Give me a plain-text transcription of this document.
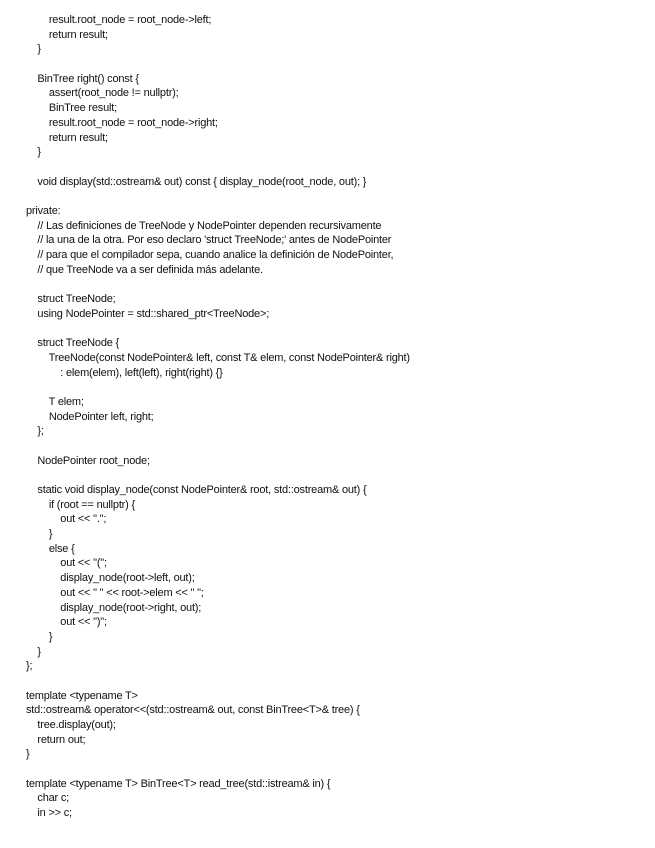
result.root_node = root_node->left;
return result;
}
BinTree right() const {
assert(root_node != nullptr);
BinTree result;
result.root_node = root_node->right;
return result;
}
void display(std::ostream& out) const { display_node(root_node, out); }
private:
// Las definiciones de TreeNode y NodePointer dependen recursivamente
// la una de la otra. Por eso declaro 'struct TreeNode;' antes de NodePointer
// para que el compilador sepa, cuando analice la definición de NodePointer,
// que TreeNode va a ser definida más adelante.
struct TreeNode;
using NodePointer = std::shared_ptr<TreeNode>;
struct TreeNode {
TreeNode(const NodePointer& left, const T& elem, const NodePointer& right)
: elem(elem), left(left), right(right) {}
T elem;
NodePointer left, right;
};
NodePointer root_node;
static void display_node(const NodePointer& root, std::ostream& out) {
if (root == nullptr) {
out << ".";
}
else {
out << "(";
display_node(root->left, out);
out << " " << root->elem << " ";
display_node(root->right, out);
out << ")";
}
}
};
template <typename T>
std::ostream& operator<<(std::ostream& out, const BinTree<T>& tree) {
tree.display(out);
return out;
}
template <typename T> BinTree<T> read_tree(std::istream& in) {
char c;
in >> c;
